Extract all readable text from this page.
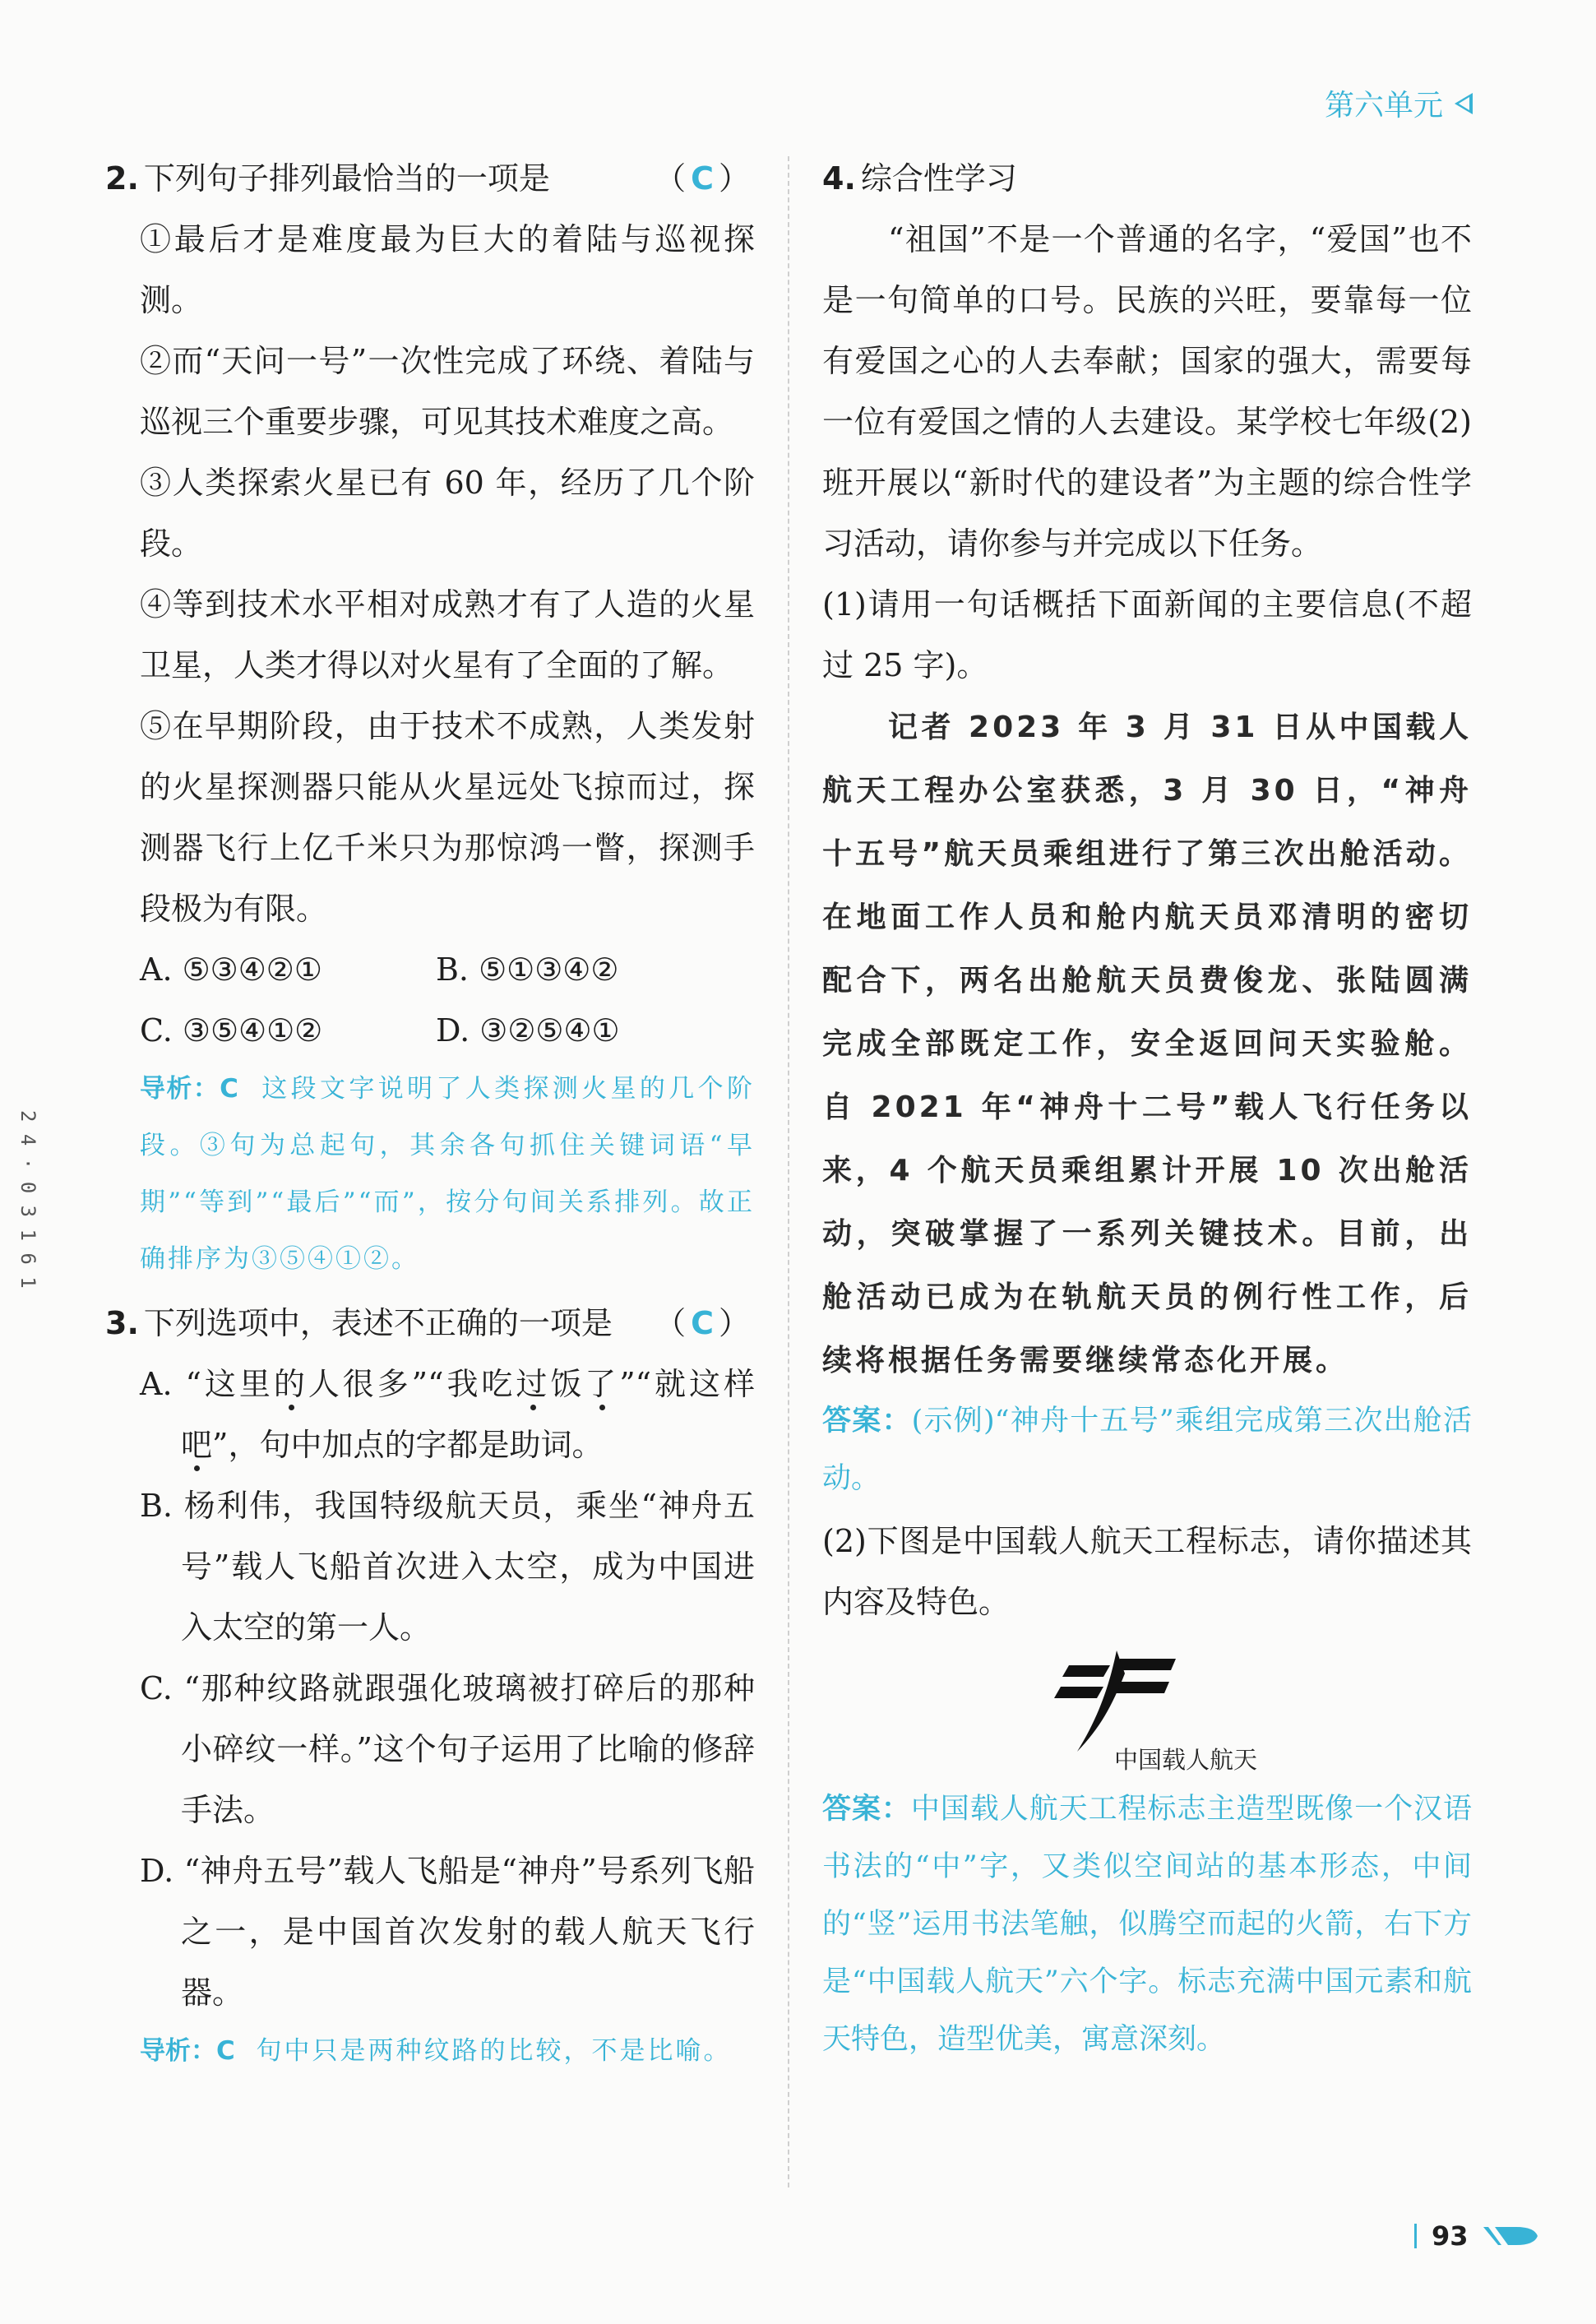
第六单元
2 4 · 0 3 1 6 1
2. 下列句子排列最恰当的一项是	（C）
①最后才是难度最为巨大的着陆与巡视探测。
②而“天问一号”一次性完成了环绕、着陆与巡视三个重要步骤，可见其技术难度之高。
③人类探索火星已有 60 年，经历了几个阶段。
④等到技术水平相对成熟才有了人造的火星卫星，人类才得以对火星有了全面的了解。
⑤在早期阶段，由于技术不成熟，人类发射的火星探测器只能从火星远处飞掠而过，探测器飞行上亿千米只为那惊鸿一瞥，探测手段极为有限。
A. ⑤③④②①	B. ⑤①③④②
C. ③⑤④①②	D. ③②⑤④①
导析：C 这段文字说明了人类探测火星的几个阶段。③句为总起句，其余各句抓住关键词语“早期”“等到”“最后”“而”，按分句间关系排列。故正确排序为③⑤④①②。
3. 下列选项中，表述不正确的一项是 （C）
A. “这里的人很多”“我吃过饭了”“就这样吧”，句中加点的字都是助词。
B. 杨利伟，我国特级航天员，乘坐“神舟五号”载人飞船首次进入太空，成为中国进入太空的第一人。
C. “那种纹路就跟强化玻璃被打碎后的那种小碎纹一样。”这个句子运用了比喻的修辞手法。
D. “神舟五号”载人飞船是“神舟”号系列飞船之一，是中国首次发射的载人航天飞行器。
导析：C 句中只是两种纹路的比较，不是比喻。
4. 综合性学习
“祖国”不是一个普通的名字，“爱国”也不是一句简单的口号。民族的兴旺，要靠每一位有爱国之心的人去奉献；国家的强大，需要每一位有爱国之情的人去建设。某学校七年级(2)班开展以“新时代的建设者”为主题的综合性学习活动，请你参与并完成以下任务。
(1)请用一句话概括下面新闻的主要信息(不超过 25 字)。
记者 2023 年 3 月 31 日从中国载人航天工程办公室获悉，3 月 30 日，“神舟十五号”航天员乘组进行了第三次出舱活动。在地面工作人员和舱内航天员邓清明的密切配合下，两名出舱航天员费俊龙、张陆圆满完成全部既定工作，安全返回问天实验舱。自 2021 年“神舟十二号”载人飞行任务以来，4 个航天员乘组累计开展 10 次出舱活动，突破掌握了一系列关键技术。目前，出舱活动已成为在轨航天员的例行性工作，后续将根据任务需要继续常态化开展。
答案：(示例)“神舟十五号”乘组完成第三次出舱活动。
(2)下图是中国载人航天工程标志，请你描述其内容及特色。
中国载人航天
答案：中国载人航天工程标志主造型既像一个汉语书法的“中”字，又类似空间站的基本形态，中间的“竖”运用书法笔触，似腾空而起的火箭，右下方是“中国载人航天”六个字。标志充满中国元素和航天特色，造型优美，寓意深刻。
93
